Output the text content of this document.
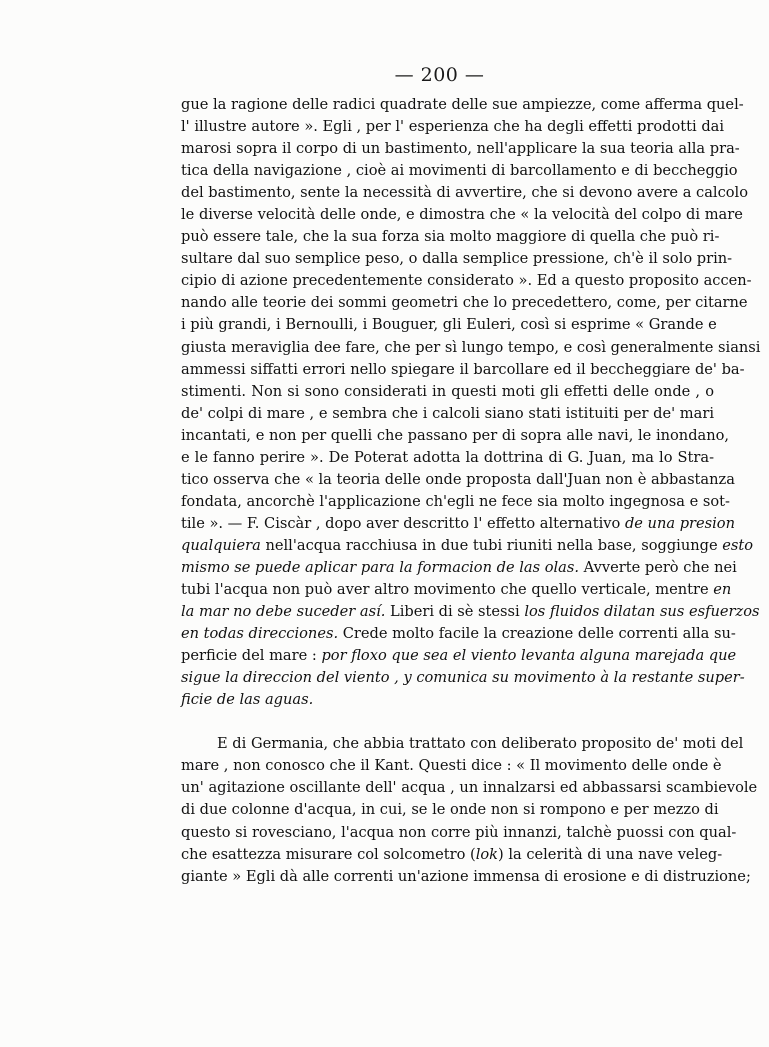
— 200 —
gue la ragione delle radici quadrate delle sue ampiezze, come afferma quel-
l' illustre autore ». Egli , per l' esperienza che ha degli effetti prodotti dai
marosi sopra il corpo di un bastimento, nell'applicare la sua teoria alla pra-
tica della navigazione , cioè ai movimenti di barcollamento e di beccheggio
del bastimento, sente la necessità di avvertire, che si devono avere a calcolo
le diverse velocità delle onde, e dimostra che « la velocità del colpo di mare
può essere tale, che la sua forza sia molto maggiore di quella che può ri-
sultare dal suo semplice peso, o dalla semplice pressione, ch'è il solo prin-
cipio di azione precedentemente considerato ». Ed a questo proposito accen-
nando alle teorie dei sommi geometri che lo precedettero, come, per citarne
i più grandi, i Bernoulli, i Bouguer, gli Euleri, così si esprime « Grande e
giusta meraviglia dee fare, che per sì lungo tempo, e così generalmente siansi
ammessi siffatti errori nello spiegare il barcollare ed il beccheggiare de' ba-
stimenti. Non si sono considerati in questi moti gli effetti delle onde , o
de' colpi di mare , e sembra che i calcoli siano stati istituiti per de' mari
incantati, e non per quelli che passano per di sopra alle navi, le inondano,
e le fanno perire ». De Poterat adotta la dottrina di G. Juan, ma lo Stra-
tico osserva che « la teoria delle onde proposta dall'Juan non è abbastanza
fondata, ancorchè l'applicazione ch'egli ne fece sia molto ingegnosa e sot-
tile ». — F. Ciscàr , dopo aver descritto l' effetto alternativo de una presion
qualquiera nell'acqua racchiusa in due tubi riuniti nella base, soggiunge esto
mismo se puede aplicar para la formacion de las olas. Avverte però che nei
tubi l'acqua non può aver altro movimento che quello verticale, mentre en
la mar no debe suceder así. Liberi di sè stessi los fluidos dilatan sus esfuerzos
en todas direcciones. Crede molto facile la creazione delle correnti alla su-
perficie del mare : por floxo que sea el viento levanta alguna marejada que
sigue la direccion del viento , y comunica su movimento à la restante super-
ficie de las aguas.
E di Germania, che abbia trattato con deliberato proposito de' moti del
mare , non conosco che il Kant. Questi dice : « Il movimento delle onde è
un' agitazione oscillante dell' acqua , un innalzarsi ed abbassarsi scambievole
di due colonne d'acqua, in cui, se le onde non si rompono e per mezzo di
questo si rovesciano, l'acqua non corre più innanzi, talchè puossi con qual-
che esattezza misurare col solcometro (lok) la celerità di una nave veleg-
giante » Egli dà alle correnti un'azione immensa di erosione e di distruzione;
